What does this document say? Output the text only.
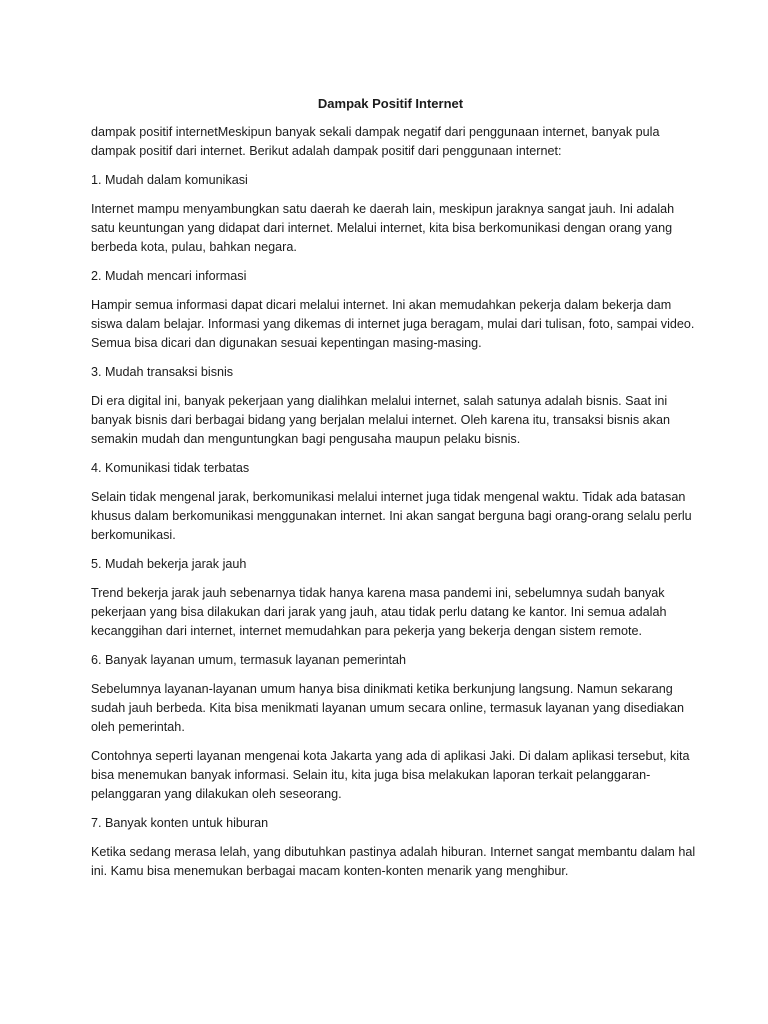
Dampak Positif Internet

dampak positif internetMeskipun banyak sekali dampak negatif dari penggunaan internet, banyak pula dampak positif dari internet. Berikut adalah dampak positif dari penggunaan internet:

1. Mudah dalam komunikasi

Internet mampu menyambungkan satu daerah ke daerah lain, meskipun jaraknya sangat jauh. Ini adalah satu keuntungan yang didapat dari internet. Melalui internet, kita bisa berkomunikasi dengan orang yang berbeda kota, pulau, bahkan negara.

2. Mudah mencari informasi

Hampir semua informasi dapat dicari melalui internet. Ini akan memudahkan pekerja dalam bekerja dam siswa dalam belajar. Informasi yang dikemas di internet juga beragam, mulai dari tulisan, foto, sampai video. Semua bisa dicari dan digunakan sesuai kepentingan masing-masing.

3. Mudah transaksi bisnis

Di era digital ini, banyak pekerjaan yang dialihkan melalui internet, salah satunya adalah bisnis. Saat ini banyak bisnis dari berbagai bidang yang berjalan melalui internet. Oleh karena itu, transaksi bisnis akan semakin mudah dan menguntungkan bagi pengusaha maupun pelaku bisnis.

4. Komunikasi tidak terbatas

Selain tidak mengenal jarak, berkomunikasi melalui internet juga tidak mengenal waktu. Tidak ada batasan khusus dalam berkomunikasi menggunakan internet. Ini akan sangat berguna bagi orang-orang selalu perlu berkomunikasi.

5. Mudah bekerja jarak jauh

Trend bekerja jarak jauh sebenarnya tidak hanya karena masa pandemi ini, sebelumnya sudah banyak pekerjaan yang bisa dilakukan dari jarak yang jauh, atau tidak perlu datang ke kantor. Ini semua adalah kecanggihan dari internet, internet memudahkan para pekerja yang bekerja dengan sistem remote.

6. Banyak layanan umum, termasuk layanan pemerintah

Sebelumnya layanan-layanan umum hanya bisa dinikmati ketika berkunjung langsung. Namun sekarang sudah jauh berbeda. Kita bisa menikmati layanan umum secara online, termasuk layanan yang disediakan oleh pemerintah.

Contohnya seperti layanan mengenai kota Jakarta yang ada di aplikasi Jaki. Di dalam aplikasi tersebut, kita bisa menemukan banyak informasi. Selain itu, kita juga bisa melakukan laporan terkait pelanggaran-pelanggaran yang dilakukan oleh seseorang.

7. Banyak konten untuk hiburan

Ketika sedang merasa lelah, yang dibutuhkan pastinya adalah hiburan. Internet sangat membantu dalam hal ini. Kamu bisa menemukan berbagai macam konten-konten menarik yang menghibur.
